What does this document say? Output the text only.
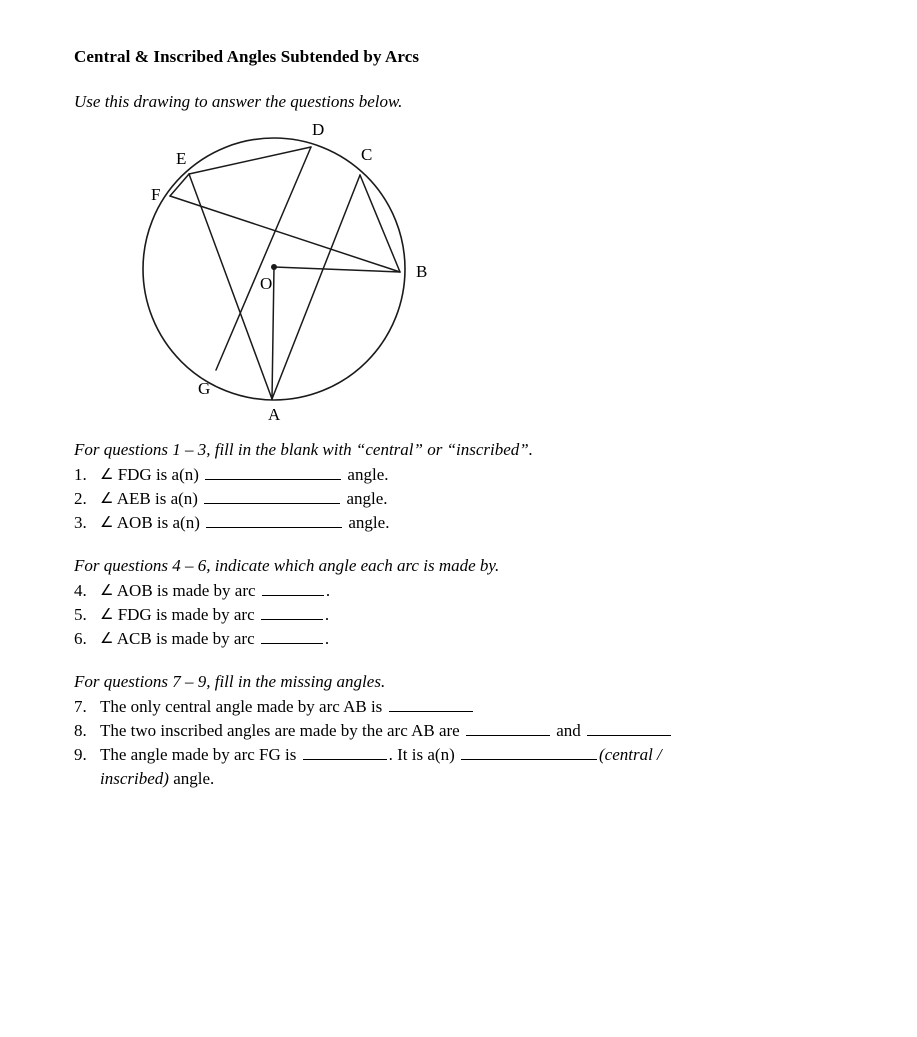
Central & Inscribed Angles Subtended by Arcs
Use this drawing to answer the questions below.
A
B
C
D
E
F
G
O
For questions 1 – 3, fill in the blank with “central” or “inscribed”.
1. ∠ FDG is a(n)	angle.
2. ∠ AEB is a(n)	angle.
3. ∠ AOB is a(n)	angle.
For questions 4 – 6, indicate which angle each arc is made by.
4. ∠ AOB is made by arc	.
5. ∠ FDG is made by arc	.
6. ∠ ACB is made by arc	.
For questions 7 – 9, fill in the missing angles.
7. The only central angle made by arc AB is
8. The two inscribed angles are made by the arc AB are	and
9. The angle made by arc FG is	. It is a(n)	(central /
inscribed) angle.
